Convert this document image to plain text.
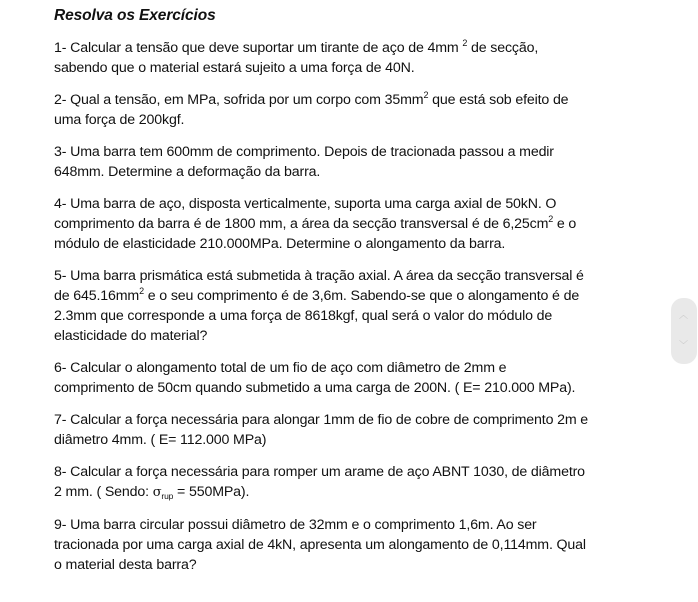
Resolva os Exercícios
1- Calcular a tensão que deve suportar um tirante de aço de 4mm $^2$ de secção,
sabendo que o material estará sujeito a uma força de 40N.
2- Qual a tensão, em MPa, sofrida por um corpo com $35mm^2$ que está sob efeito de
uma força de 200kgf.
3- Uma barra tem 600mm de comprimento. Depois de tracionada passou a medir
648mm. Determine a deformação da barra.
4- Uma barra de aço, disposta verticalmente, suporta uma carga axial de 50kN. O
comprimento da barra é de 1800 mm, a área da secção transversal é de $6,25cm^2$ e o
módulo de elasticidade 210.000MPa. Determine o alongamento da barra.
5- Uma barra prismática está submetida à tração axial. A área da secção transversal é
de $645.16mm^2$ e o seu comprimento é de 3,6m. Sabendo-se que o alongamento é de
2.3mm que corresponde a uma força de 8618kgf, qual será o valor do módulo de
elasticidade do material?
6- Calcular o alongamento total de um fio de aço com diâmetro de 2mm e
comprimento de 50cm quando submetido a uma carga de 200N. ( E= 210.000 MPa).
7- Calcular a força necessária para alongar 1mm de fio de cobre de comprimento 2m e
diâmetro 4mm. ( E= 112.000 MPa)
8- Calcular a força necessária para romper um arame de aço ABNT 1030, de diâmetro
2 mm. ( Sendo: $\sigma_{rup} = 550MPa$).
9- Uma barra circular possui diâmetro de 32mm e o comprimento 1,6m. Ao ser
tracionada por uma carga axial de 4kN, apresenta um alongamento de 0,114mm. Qual
o material desta barra?
︿
﹀
